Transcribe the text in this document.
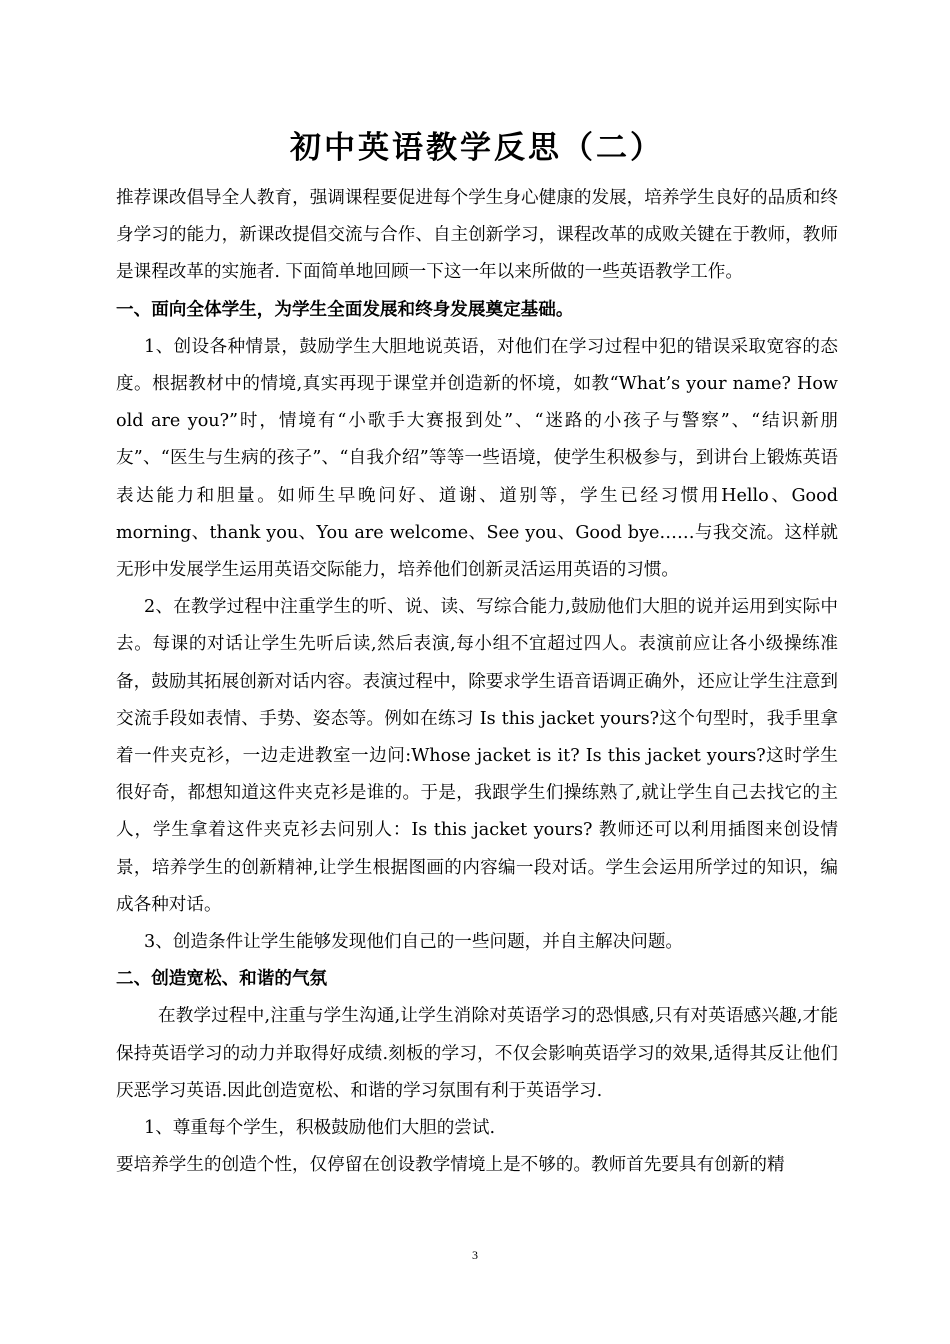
初中英语教学反思（二）

推荐课改倡导全人教育，强调课程要促进每个学生身心健康的发展，培养学生良好的品质和终身学习的能力，新课改提倡交流与合作、自主创新学习，课程改革的成败关键在于教师，教师是课程改革的实施者. 下面简单地回顾一下这一年以来所做的一些英语教学工作。

一、面向全体学生，为学生全面发展和终身发展奠定基础。

1、创设各种情景，鼓励学生大胆地说英语，对他们在学习过程中犯的错误采取宽容的态度。根据教材中的情境,真实再现于课堂并创造新的怀境，如教“What’s your name? How old are you?”时，情境有“小歌手大赛报到处”、“迷路的小孩子与警察”、“结识新朋友”、“医生与生病的孩子”、“自我介绍”等等一些语境，使学生积极参与，到讲台上锻炼英语表达能力和胆量。如师生早晚问好、道谢、道别等，学生已经习惯用Hello、Good morning、thank you、You are welcome、See you、Good bye……与我交流。这样就无形中发展学生运用英语交际能力，培养他们创新灵活运用英语的习惯。

2、在教学过程中注重学生的听、说、读、写综合能力,鼓励他们大胆的说并运用到实际中去。每课的对话让学生先听后读,然后表演,每小组不宜超过四人。表演前应让各小级操练准备，鼓励其拓展创新对话内容。表演过程中，除要求学生语音语调正确外，还应让学生注意到交流手段如表情、手势、姿态等。例如在练习 Is this jacket yours?这个句型时，我手里拿着一件夹克衫，一边走进教室一边问:Whose jacket is it? Is this jacket yours?这时学生很好奇，都想知道这件夹克衫是谁的。于是，我跟学生们操练熟了,就让学生自己去找它的主人，学生拿着这件夹克衫去问别人：Is this jacket yours? 教师还可以利用插图来创设情景，培养学生的创新精神,让学生根据图画的内容编一段对话。学生会运用所学过的知识，编成各种对话。

3、创造条件让学生能够发现他们自己的一些问题，并自主解决问题。

二、创造宽松、和谐的气氛

在教学过程中,注重与学生沟通,让学生消除对英语学习的恐惧感,只有对英语感兴趣,才能保持英语学习的动力并取得好成绩.刻板的学习，不仅会影响英语学习的效果,适得其反让他们厌恶学习英语.因此创造宽松、和谐的学习氛围有利于英语学习.

1、尊重每个学生，积极鼓励他们大胆的尝试.

要培养学生的创造个性，仅停留在创设教学情境上是不够的。教师首先要具有创新的精

3
